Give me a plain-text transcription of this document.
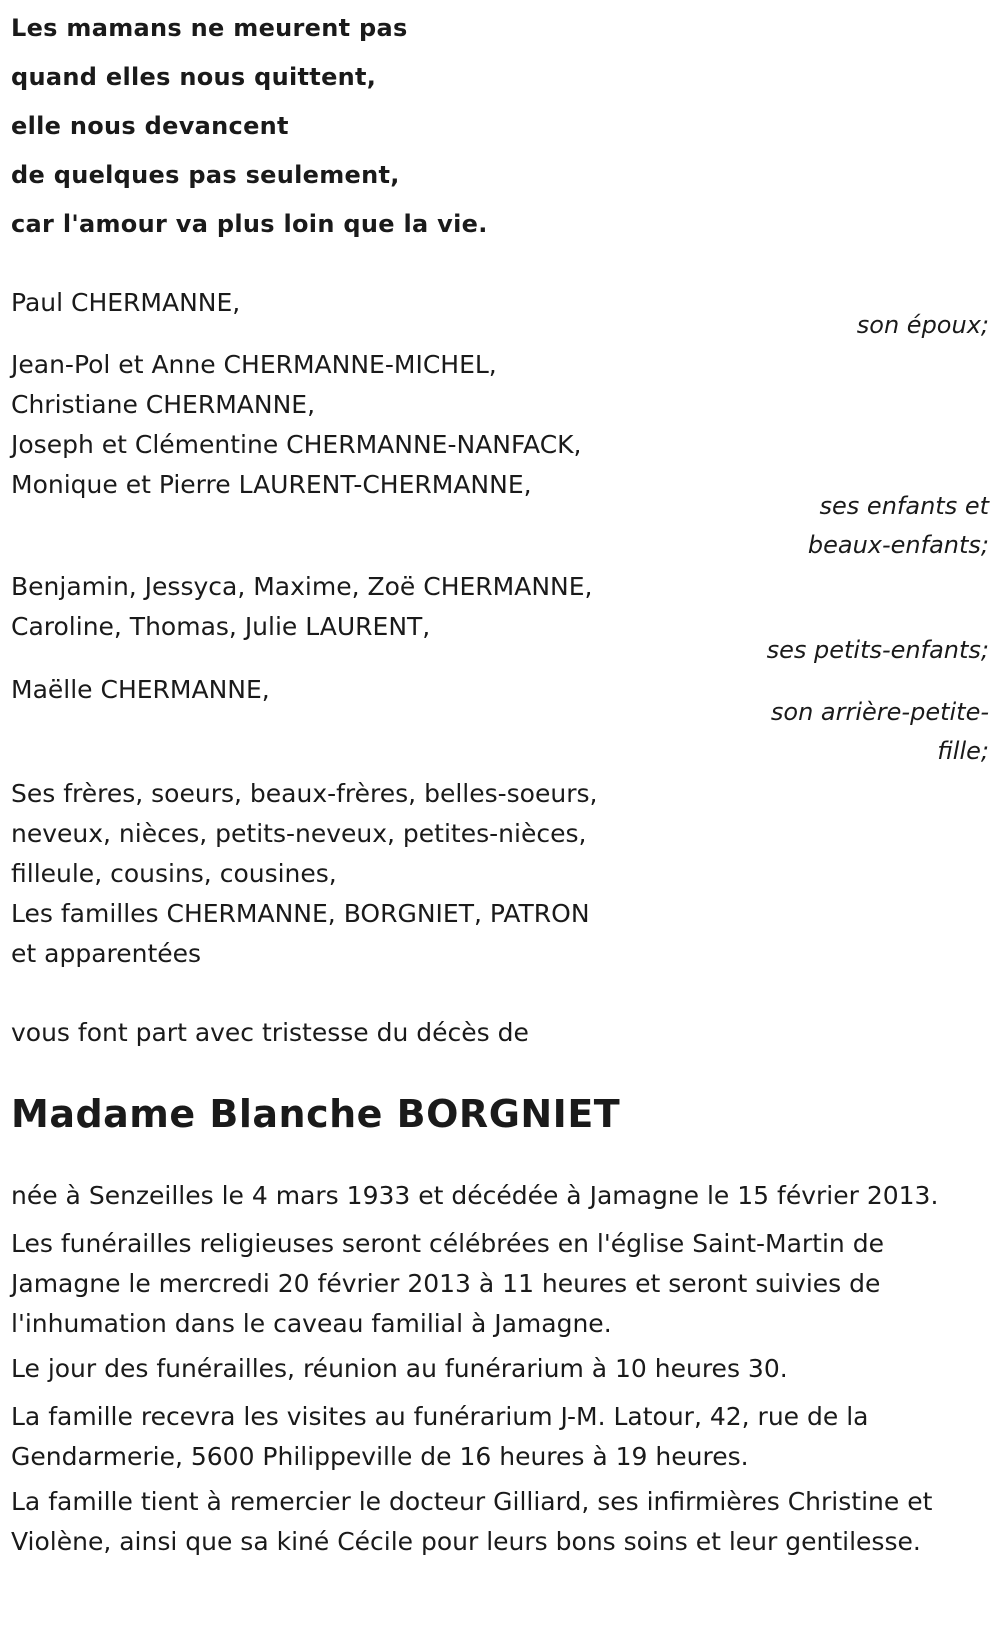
Les mamans ne meurent pas
quand elles nous quittent,
elle nous devancent
de quelques pas seulement,
car l'amour va plus loin que la vie.
Paul CHERMANNE,
son époux;
Jean-Pol et Anne CHERMANNE-MICHEL,
Christiane CHERMANNE,
Joseph et Clémentine CHERMANNE-NANFACK,
Monique et Pierre LAURENT-CHERMANNE,
ses enfants et
beaux-enfants;
Benjamin, Jessyca, Maxime, Zoë CHERMANNE,
Caroline, Thomas, Julie LAURENT,
ses petits-enfants;
Maëlle CHERMANNE,
son arrière-petite-
fille;
Ses frères, soeurs, beaux-frères, belles-soeurs,
neveux, nièces, petits-neveux, petites-nièces,
filleule, cousins, cousines,
Les familles CHERMANNE, BORGNIET, PATRON
et apparentées
vous font part avec tristesse du décès de
Madame Blanche BORGNIET
née à Senzeilles le 4 mars 1933 et décédée à Jamagne le 15 février 2013.
Les funérailles religieuses seront célébrées en l'église Saint-Martin de Jamagne le mercredi 20 février 2013 à 11 heures et seront suivies de l'inhumation dans le caveau familial à Jamagne.
Le jour des funérailles, réunion au funérarium à 10 heures 30.
La famille recevra les visites au funérarium J-M. Latour, 42, rue de la Gendarmerie, 5600 Philippeville de 16 heures à 19 heures.
La famille tient à remercier le docteur Gilliard, ses infirmières Christine et Violène, ainsi que sa kiné Cécile pour leurs bons soins et leur gentilesse.
